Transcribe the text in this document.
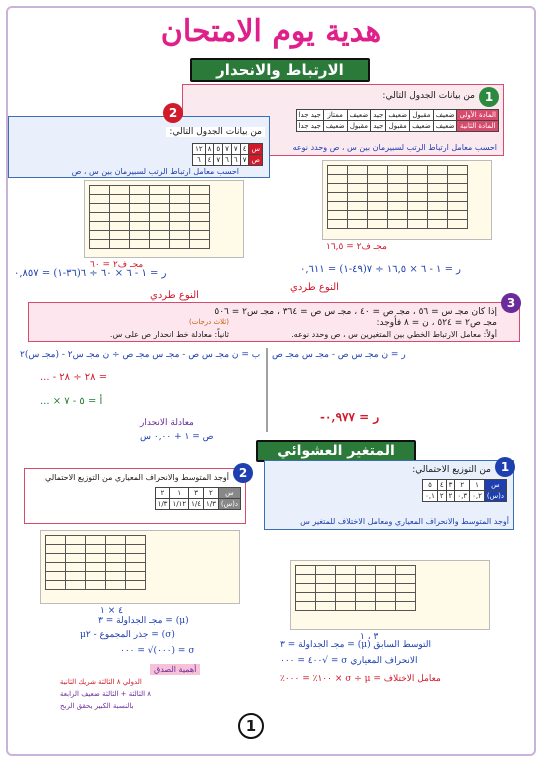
هدية يوم الامتحان
الارتباط والانحدار
1
من بيانات الجدول التالي:
المادة الأولى	ضعيف	مقبول	ضعيف	جيد	ضعيف	ممتاز	جيد جدا
المادة الثانية	ضعيف	ضعيف	مقبول	جيد	مقبول	ضعيف	جيد جدا
احسب معامل ارتباط الرتب لسبيرمان بين س ، ص وحدد نوعه
2
من بيانات الجدول التالي:
س	٤	٧	٧	٥	٨	١٢
ص	٧	٦	٦	٧	٤	٦
احسب معامل ارتباط الرتب لسبيرمان بين س ، ص

مجـ ف٢ = ٦٠
مجـ ف٢ = ١٦,٥
ر = ١ - ٦ × ١٦,٥ ÷ ٧(٤٩-١) = ٠,٦١١
النوع طردي
ر = ١ - ٦ × ٦٠ ÷ ٦(٣٦-١) = ٠,٨٥٧
النوع طردي
3
إذا كان مجـ س = ٥٦ ، مجـ ص = ٤٠ ، مجـ س ص = ٣٦٤ ، مجـ س٢ = ٥٠٦
مجـ ص٢ = ٥٢٤ ، ن = ٨ فأوجد:
(ثلاث درجات)
أولاً: معامل الارتباط الخطي بين المتغيرين س ، ص وحدد نوعه.
ثانياً: معادلة خط انحدار ص على س.
ر = ن مجـ س ص - مجـ س مجـ ص
ب = ن مجـ س ص - مجـ س مجـ ص ÷ ن مجـ س٢ - (مجـ س)٢
= ٢٨ ÷ ٢٨ - ...
ر = ٠,٩٧٧-
أ = ٥ - ٧ × ...
معادلة الانحدار
ص = ١ + ٠,٠٠ س
المتغير العشوائي
1
من التوزيع الاحتمالي:
س	١	٢	٣	٤	٥
د(س)	٠,٢	٠,٣	٢	٢	٠,١
أوجد المتوسط والانحراف المعياري ومعامل الاختلاف للمتغير س
2
أوجد المتوسط والانحراف المعياري من التوزيع الاحتمالي
س	٢	٣	١	٢
د(س)	١/٣	١/٤	١/١٢	١/٣

٤ × ١
٣ ، ١
(μ) = مجـ الجداولة = ٣
(σ) = جذر المجموع - μ٢
σ = (٠٠٠)√ = ٠٠٠
التوسط السابق (μ) = مجـ الجداولة = ٣
الانحراف المعياري σ = √٤٠٠ = ٠٠٠
معامل الاختلاف = σ ÷ μ × ١٠٠٪ = ٠٠٠٪
أهمية الصدق
الدولي ٨ الثالثة شريك الثانية
٨ الثالثة + الثالثة ضعيف الرابعة
بالنسبة الكبير يحقق الربح
1
